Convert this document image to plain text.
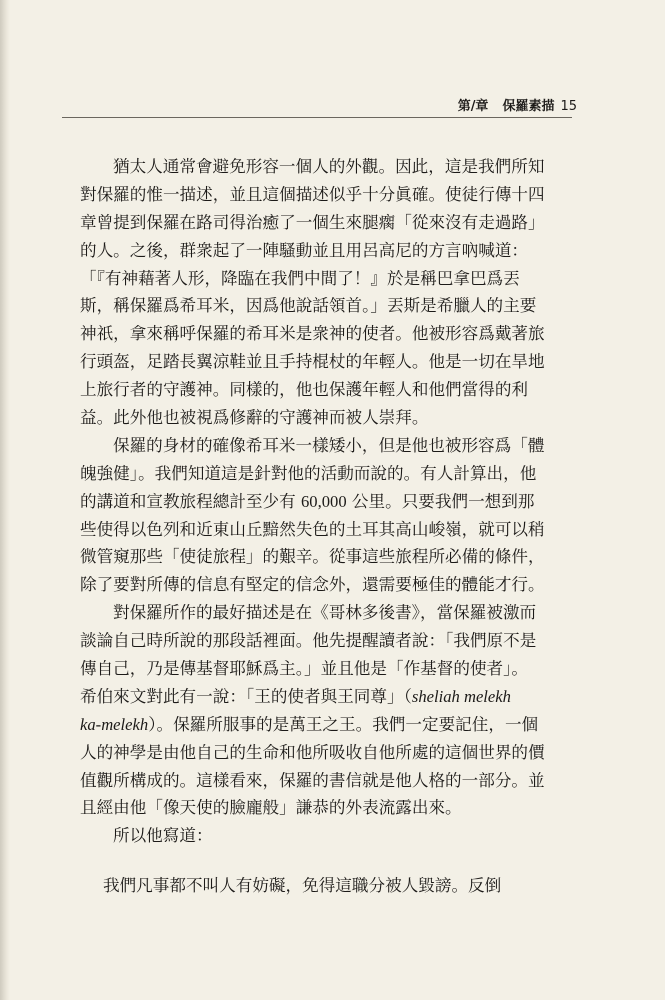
第/章 保羅素描 15
猶太人通常會避免形容一個人的外觀。因此，這是我們所知
對保羅的惟一描述，並且這個描述似乎十分眞確。使徒行傳十四
章曾提到保羅在路司得治癒了一個生來腿瘸「從來沒有走過路」
的人。之後，群衆起了一陣騷動並且用呂高尼的方言吶喊道：
「『有神藉著人形，降臨在我們中間了！』於是稱巴拿巴爲丟
斯，稱保羅爲希耳米，因爲他說話領首。」丟斯是希臘人的主要
神祇，拿來稱呼保羅的希耳米是衆神的使者。他被形容爲戴著旅
行頭盔，足踏長翼涼鞋並且手持棍杖的年輕人。他是一切在旱地
上旅行者的守護神。同樣的，他也保護年輕人和他們當得的利
益。此外他也被視爲修辭的守護神而被人崇拜。
保羅的身材的確像希耳米一樣矮小，但是他也被形容爲「體
魄強健」。我們知道這是針對他的活動而說的。有人計算出，他
的講道和宣教旅程總計至少有 60,000 公里。只要我們一想到那
些使得以色列和近東山丘黯然失色的土耳其高山峻嶺，就可以稍
微管窺那些「使徒旅程」的艱辛。從事這些旅程所必備的條件，
除了要對所傳的信息有堅定的信念外，還需要極佳的體能才行。
對保羅所作的最好描述是在《哥林多後書》，當保羅被激而
談論自己時所說的那段話裡面。他先提醒讀者說：「我們原不是
傳自己，乃是傳基督耶穌爲主。」並且他是「作基督的使者」。
希伯來文對此有一說：「王的使者與王同尊」（sheliah melekh
ka-melekh）。保羅所服事的是萬王之王。我們一定要記住，一個
人的神學是由他自己的生命和他所吸收自他所處的這個世界的價
值觀所構成的。這樣看來，保羅的書信就是他人格的一部分。並
且經由他「像天使的臉龐般」謙恭的外表流露出來。
所以他寫道：
我們凡事都不叫人有妨礙，免得這職分被人毀謗。反倒
